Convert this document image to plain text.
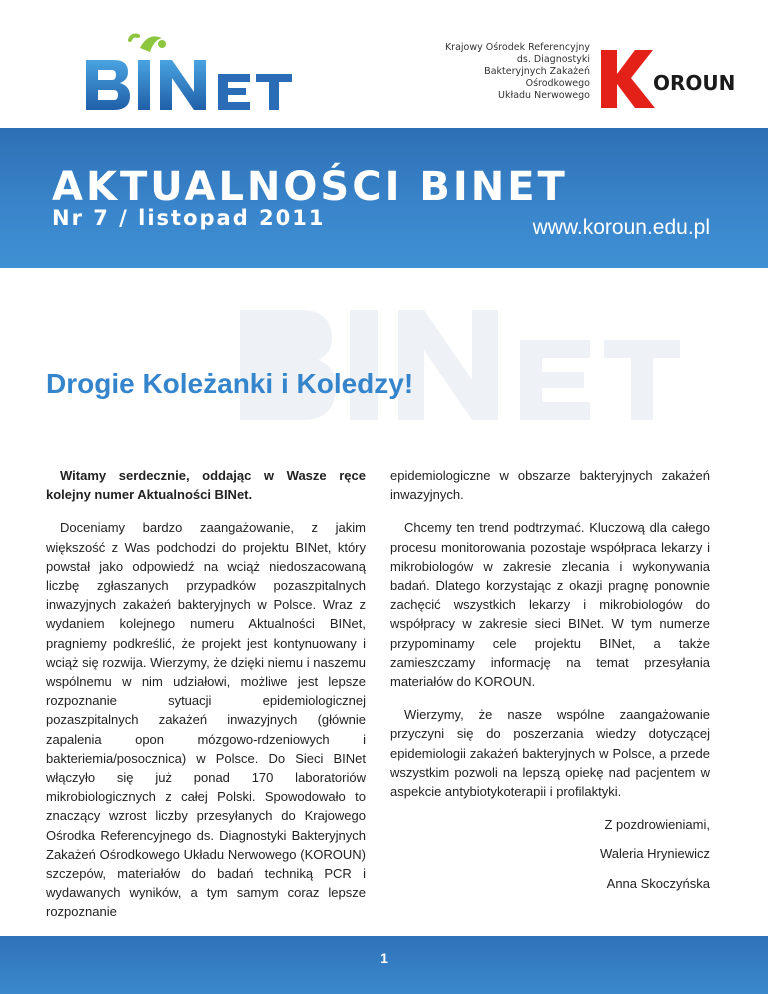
Krajowy Ośrodek Referencyjny
ds. Diagnostyki
Bakteryjnych Zakażeń
Ośrodkowego
Układu Nerwowego
OROUN
AKTUALNOŚCI BINET
Nr 7 / listopad 2011	www.koroun.edu.pl
Drogie Koleżanki i Koledzy!

Witamy serdecznie, oddając w Wasze ręce kolejny numer Aktualności BINet.

Doceniamy bardzo zaangażowanie, z jakim większość z Was podchodzi do projektu BINet, który powstał jako odpowiedź na wciąż niedoszacowaną liczbę zgłaszanych przypadków pozaszpitalnych inwazyjnych zakażeń bakteryjnych w Polsce. Wraz z wydaniem kolejnego numeru Aktualności BINet, pragniemy podkreślić, że projekt jest kontynuowany i wciąż się rozwija. Wierzymy, że dzięki niemu i naszemu wspólnemu w nim udziałowi, możliwe jest lepsze rozpoznanie sytuacji epidemiologicznej pozaszpitalnych zakażeń inwazyjnych (głównie zapalenia opon mózgowo-rdzeniowych i bakteriemia/posocznica) w Polsce. Do Sieci BINet włączyło się już ponad 170 laboratoriów mikrobiologicznych z całej Polski. Spowodowało to znaczący wzrost liczby przesyłanych do Krajowego Ośrodka Referencyjnego ds. Diagnostyki Bakteryjnych Zakażeń Ośrodkowego Układu Nerwowego (KOROUN) szczepów, materiałów do badań techniką PCR i wydawanych wyników, a tym samym coraz lepsze rozpoznanie

epidemiologiczne w obszarze bakteryjnych zakażeń inwazyjnych.

Chcemy ten trend podtrzymać. Kluczową dla całego procesu monitorowania pozostaje współpraca lekarzy i mikrobiologów w zakresie zlecania i wykonywania badań. Dlatego korzystając z okazji pragnę ponownie zachęcić wszystkich lekarzy i mikrobiologów do współpracy w zakresie sieci BINet. W tym numerze przypominamy cele projektu BINet, a także zamieszczamy informację na temat przesyłania materiałów do KOROUN.

Wierzymy, że nasze wspólne zaangażowanie przyczyni się do poszerzania wiedzy dotyczącej epidemiologii zakażeń bakteryjnych w Polsce, a przede wszystkim pozwoli na lepszą opiekę nad pacjentem w aspekcie antybiotykoterapii i profilaktyki.

Z pozdrowieniami,

Waleria Hryniewicz

Anna Skoczyńska

1
